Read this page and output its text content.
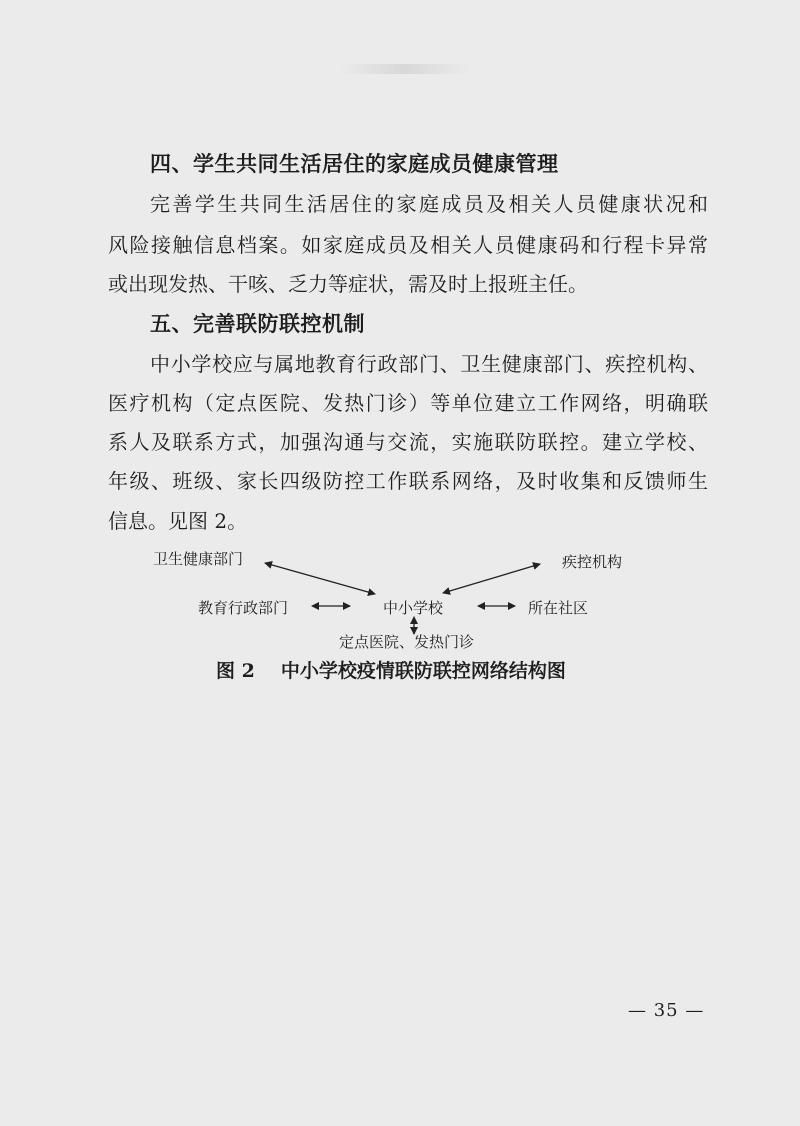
四、学生共同生活居住的家庭成员健康管理
完善学生共同生活居住的家庭成员及相关人员健康状况和
风险接触信息档案。如家庭成员及相关人员健康码和行程卡异常
或出现发热、干咳、乏力等症状，需及时上报班主任。
五、完善联防联控机制
中小学校应与属地教育行政部门、卫生健康部门、疾控机构、
医疗机构（定点医院、发热门诊）等单位建立工作网络，明确联
系人及联系方式，加强沟通与交流，实施联防联控。建立学校、
年级、班级、家长四级防控工作联系网络，及时收集和反馈师生
信息。见图 2。
卫生健康部门	疾控机构
教育行政部门	中小学校	所在社区
定点医院、发热门诊
图 2 中小学校疫情联防联控网络结构图
— 35 —
